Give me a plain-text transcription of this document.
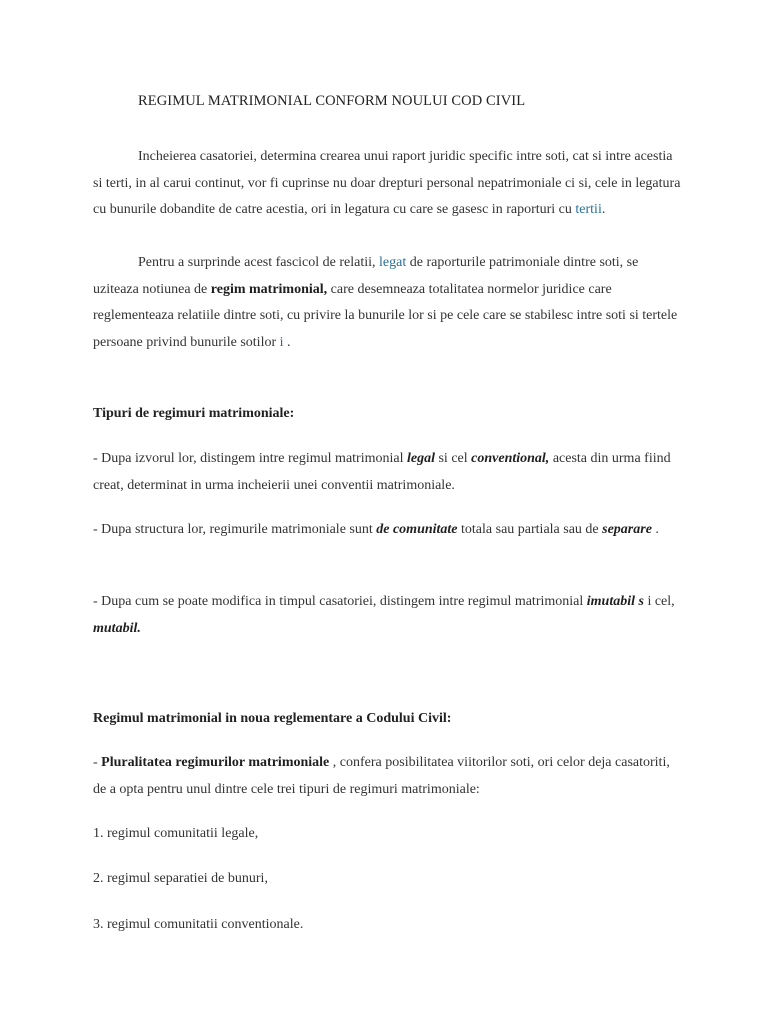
REGIMUL MATRIMONIAL CONFORM NOULUI COD CIVIL

Incheierea casatoriei, determina crearea unui raport juridic specific intre soti, cat si intre acestia si terti, in al carui continut, vor fi cuprinse nu doar drepturi personal nepatrimoniale ci si, cele in legatura cu bunurile dobandite de catre acestia, ori in legatura cu care se gasesc in raporturi cu tertii.

Pentru a surprinde acest fascicol de relatii, legat de raporturile patrimoniale dintre soti, se uziteaza notiunea de regim matrimonial, care desemneaza totalitatea normelor juridice care reglementeaza relatiile dintre soti, cu privire la bunurile lor si pe cele care se stabilesc intre soti si tertele persoane privind bunurile sotilor i .

Tipuri de regimuri matrimoniale:

- Dupa izvorul lor, distingem intre regimul matrimonial legal si cel conventional, acesta din urma fiind creat, determinat in urma incheierii unei conventii matrimoniale.

- Dupa structura lor, regimurile matrimoniale sunt de comunitate totala sau partiala sau de separare .

- Dupa cum se poate modifica in timpul casatoriei, distingem intre regimul matrimonial imutabil s i cel, mutabil.

Regimul matrimonial in noua reglementare a Codului Civil:

- Pluralitatea regimurilor matrimoniale , confera posibilitatea viitorilor soti, ori celor deja casatoriti, de a opta pentru unul dintre cele trei tipuri de regimuri matrimoniale:

1. regimul comunitatii legale,

2. regimul separatiei de bunuri,

3. regimul comunitatii conventionale.
